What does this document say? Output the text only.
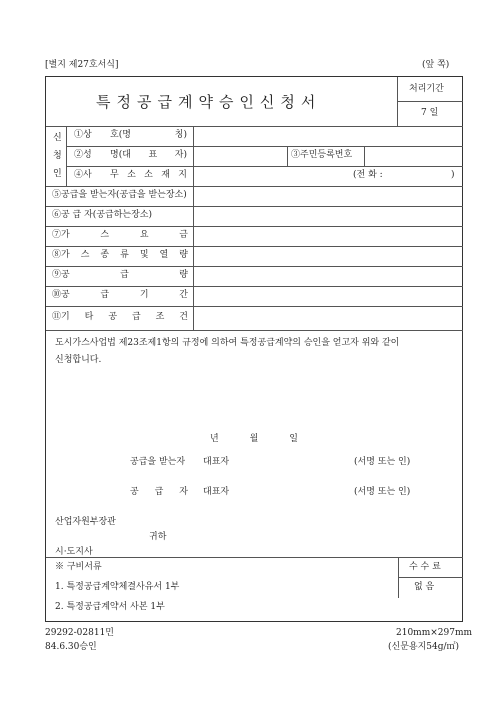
[별지 제27호서식]	(앞 쪽)
특정공급계약승인신청서
처리기간
7 일
신
청
인
①상 호(명	칭)
②성 명(대 표 자)	③주민등록번호
④사 무 소 소 재 지	(전 화 :	)
⑤공급을 받는자(공급을 받는장소)
⑥공 급 자(공급하는장소)
⑦가	스	요	금
⑧가 스 종 류 및 열 량
⑨공	급	량
⑩공	급	기	간
⑪기 타 공 급 조 건
도시가스사업법 제23조제1항의 규정에 의하여 특정공급계약의 승인을 얻고자 위와 같이
신청합니다.
년	월	일
공급을 받는자 대표자	(서명 또는 인)
공 급 자 대표자	(서명 또는 인)
산업자원부장관
귀하
시·도지사
※ 구비서류
1. 특정공급계약체결사유서 1부
2. 특정공급계약서 사본 1부
수 수 료
없 음
29292-02811민
84.6.30승인
210mm×297mm
(신문용지54g/㎡)
